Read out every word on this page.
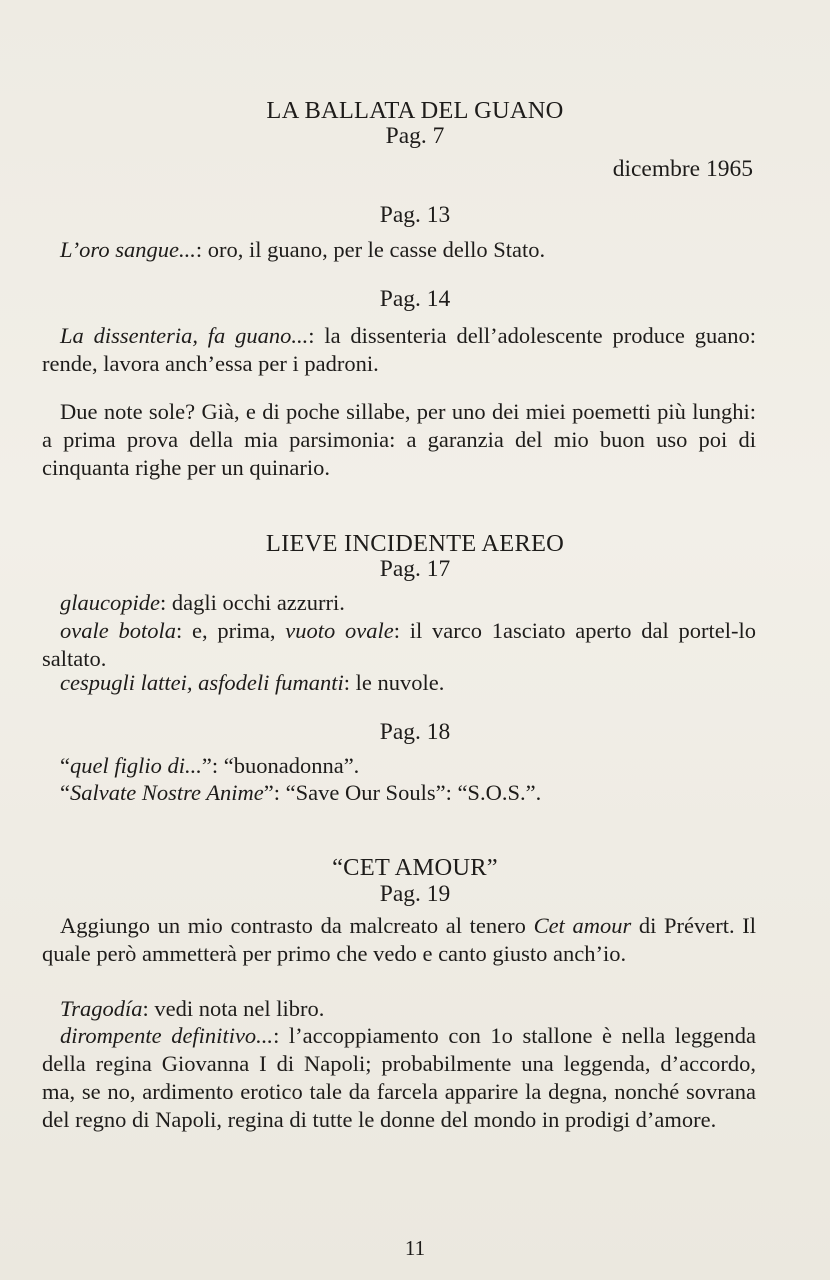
LA BALLATA DEL GUANO
Pag. 7
dicembre 1965
Pag. 13
L’oro sangue...: oro, il guano, per le casse dello Stato.
Pag. 14
La dissenteria, fa guano...: la dissenteria dell’adolescente produce guano: rende, lavora anch’essa per i padroni.
Due note sole? Già, e di poche sillabe, per uno dei miei poemetti più lunghi: a prima prova della mia parsimonia: a garanzia del mio buon uso poi di cinquanta righe per un quinario.
LIEVE INCIDENTE AEREO
Pag. 17
glaucopide: dagli occhi azzurri.
ovale botola: e, prima, vuoto ovale: il varco 1asciato aperto dal portel-lo saltato.
cespugli lattei, asfodeli fumanti: le nuvole.
Pag. 18
“quel figlio di...”: “buonadonna”.
“Salvate Nostre Anime”: “Save Our Souls”: “S.O.S.”.
“CET AMOUR”
Pag. 19
Aggiungo un mio contrasto da malcreato al tenero Cet amour di Prévert. Il quale però ammetterà per primo che vedo e canto giusto anch’io.
Tragodía: vedi nota nel libro.
dirompente definitivo...: l’accoppiamento con 1o stallone è nella leggenda della regina Giovanna I di Napoli; probabilmente una leggenda, d’accordo, ma, se no, ardimento erotico tale da farcela apparire la degna, nonché sovrana del regno di Napoli, regina di tutte le donne del mondo in prodigi d’amore.
11
